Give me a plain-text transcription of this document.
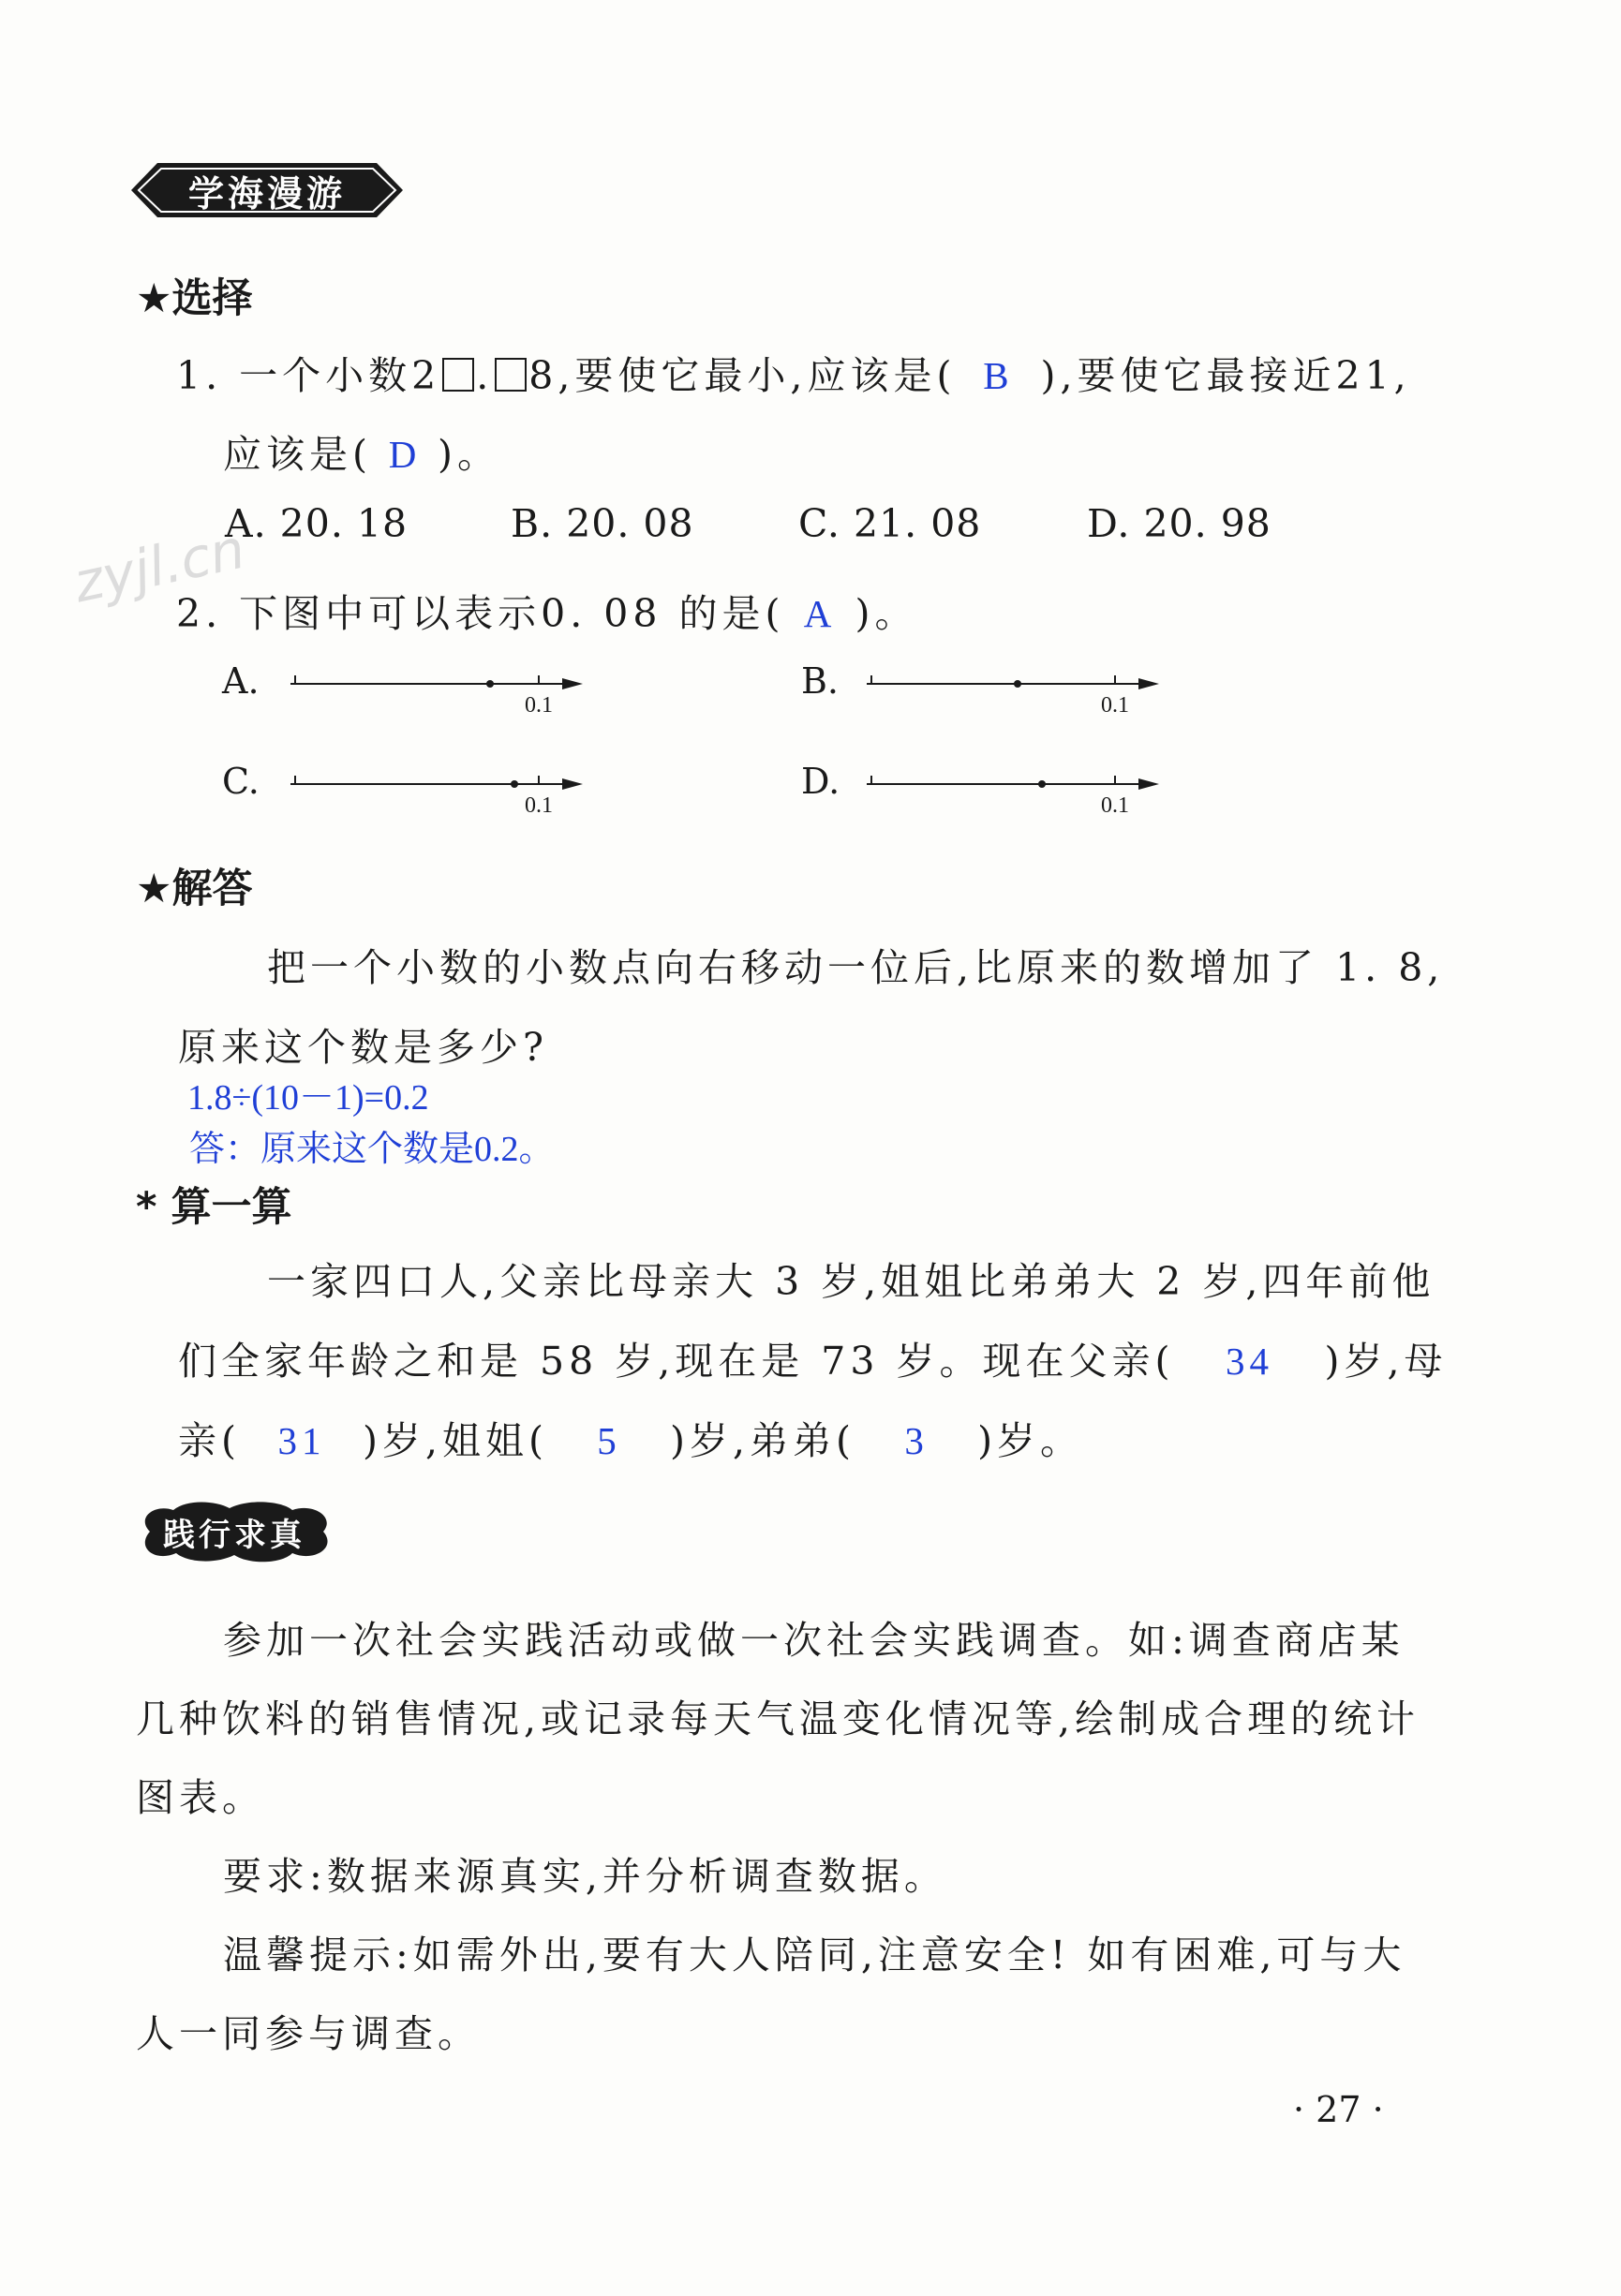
zyjl.cn
学海漫游
★选择
1. 一个小数2 . 8,要使它最小,应该是( B ),要使它最接近21,
应该是( D )。
A. 20. 18	B. 20. 08	C. 21. 08	D. 20. 98
2. 下图中可以表示0. 08 的是( A )。
A.	B.
C.	D.
0.1	0.1
0.1	0.1
★解答
把一个小数的小数点向右移动一位后,比原来的数增加了 1. 8,
原来这个数是多少?
1.8÷(10－1)=0.2
答：原来这个数是0.2。
* 算一算
一家四口人,父亲比母亲大 3 岁,姐姐比弟弟大 2 岁,四年前他
们全家年龄之和是 58 岁,现在是 73 岁。现在父亲( 34 )岁,母
亲( 31 )岁,姐姐( 5 )岁,弟弟( 3 )岁。
践行求真
参加一次社会实践活动或做一次社会实践调查。如:调查商店某
几种饮料的销售情况,或记录每天气温变化情况等,绘制成合理的统计
图表。
要求:数据来源真实,并分析调查数据。
温馨提示:如需外出,要有大人陪同,注意安全! 如有困难,可与大
人一同参与调查。
· 27 ·
